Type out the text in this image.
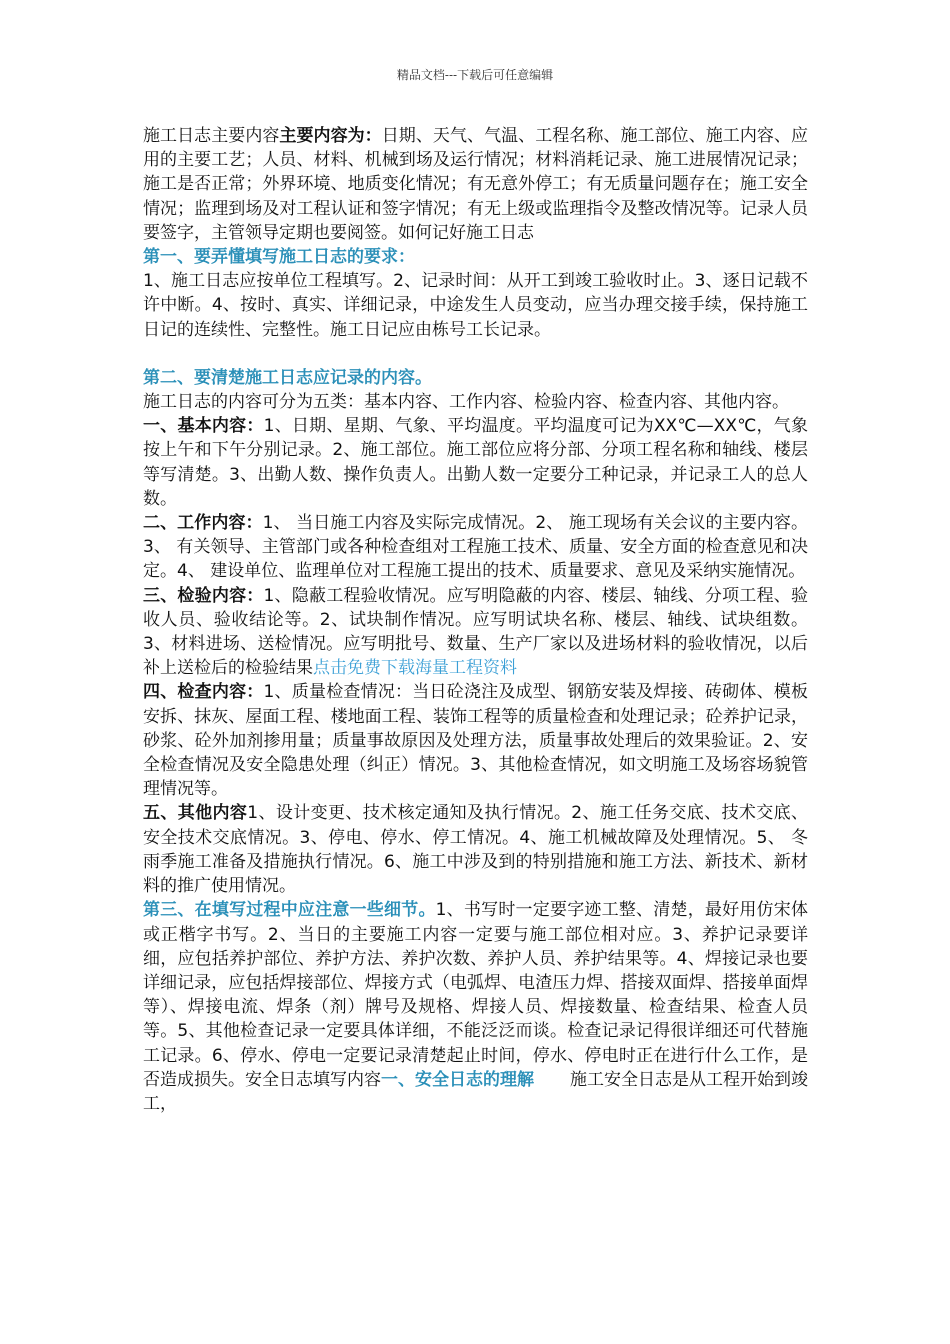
精品文档---下载后可任意编辑

施工日志主要内容主要内容为：日期、天气、气温、工程名称、施工部位、施工内容、应用的主要工艺；人员、材料、机械到场及运行情况；材料消耗记录、施工进展情况记录；施工是否正常；外界环境、地质变化情况；有无意外停工；有无质量问题存在；施工安全情况；监理到场及对工程认证和签字情况；有无上级或监理指令及整改情况等。记录人员要签字，主管领导定期也要阅签。如何记好施工日志

第一、要弄懂填写施工日志的要求：

1、施工日志应按单位工程填写。2、记录时间：从开工到竣工验收时止。3、逐日记载不许中断。4、按时、真实、详细记录，中途发生人员变动，应当办理交接手续，保持施工日记的连续性、完整性。施工日记应由栋号工长记录。

第二、要清楚施工日志应记录的内容。

施工日志的内容可分为五类：基本内容、工作内容、检验内容、检查内容、其他内容。

一、基本内容：1、日期、星期、气象、平均温度。平均温度可记为XX℃—XX℃，气象按上午和下午分别记录。2、施工部位。施工部位应将分部、分项工程名称和轴线、楼层等写清楚。3、出勤人数、操作负责人。出勤人数一定要分工种记录，并记录工人的总人数。

二、工作内容：1、 当日施工内容及实际完成情况。2、 施工现场有关会议的主要内容。3、 有关领导、主管部门或各种检查组对工程施工技术、质量、安全方面的检查意见和决定。4、 建设单位、监理单位对工程施工提出的技术、质量要求、意见及采纳实施情况。

三、检验内容：1、隐蔽工程验收情况。应写明隐蔽的内容、楼层、轴线、分项工程、验收人员、验收结论等。2、试块制作情况。应写明试块名称、楼层、轴线、试块组数。3、材料进场、送检情况。应写明批号、数量、生产厂家以及进场材料的验收情况，以后补上送检后的检验结果点击免费下载海量工程资料

四、检查内容：1、质量检查情况：当日砼浇注及成型、钢筋安装及焊接、砖砌体、模板安拆、抹灰、屋面工程、楼地面工程、装饰工程等的质量检查和处理记录；砼养护记录，砂浆、砼外加剂掺用量；质量事故原因及处理方法，质量事故处理后的效果验证。2、安全检查情况及安全隐患处理（纠正）情况。3、其他检查情况，如文明施工及场容场貌管理情况等。

五、其他内容1、设计变更、技术核定通知及执行情况。2、施工任务交底、技术交底、安全技术交底情况。3、停电、停水、停工情况。4、施工机械故障及处理情况。5、 冬雨季施工准备及措施执行情况。6、施工中涉及到的特别措施和施工方法、新技术、新材料的推广使用情况。

第三、在填写过程中应注意一些细节。1、书写时一定要字迹工整、清楚，最好用仿宋体或正楷字书写。2、当日的主要施工内容一定要与施工部位相对应。3、养护记录要详细，应包括养护部位、养护方法、养护次数、养护人员、养护结果等。4、焊接记录也要详细记录，应包括焊接部位、焊接方式（电弧焊、电渣压力焊、搭接双面焊、搭接单面焊等）、焊接电流、焊条（剂）牌号及规格、焊接人员、焊接数量、检查结果、检查人员等。5、其他检查记录一定要具体详细，不能泛泛而谈。检查记录记得很详细还可代替施工记录。6、停水、停电一定要记录清楚起止时间，停水、停电时正在进行什么工作，是否造成损失。安全日志填写内容一、安全日志的理解 施工安全日志是从工程开始到竣工，
